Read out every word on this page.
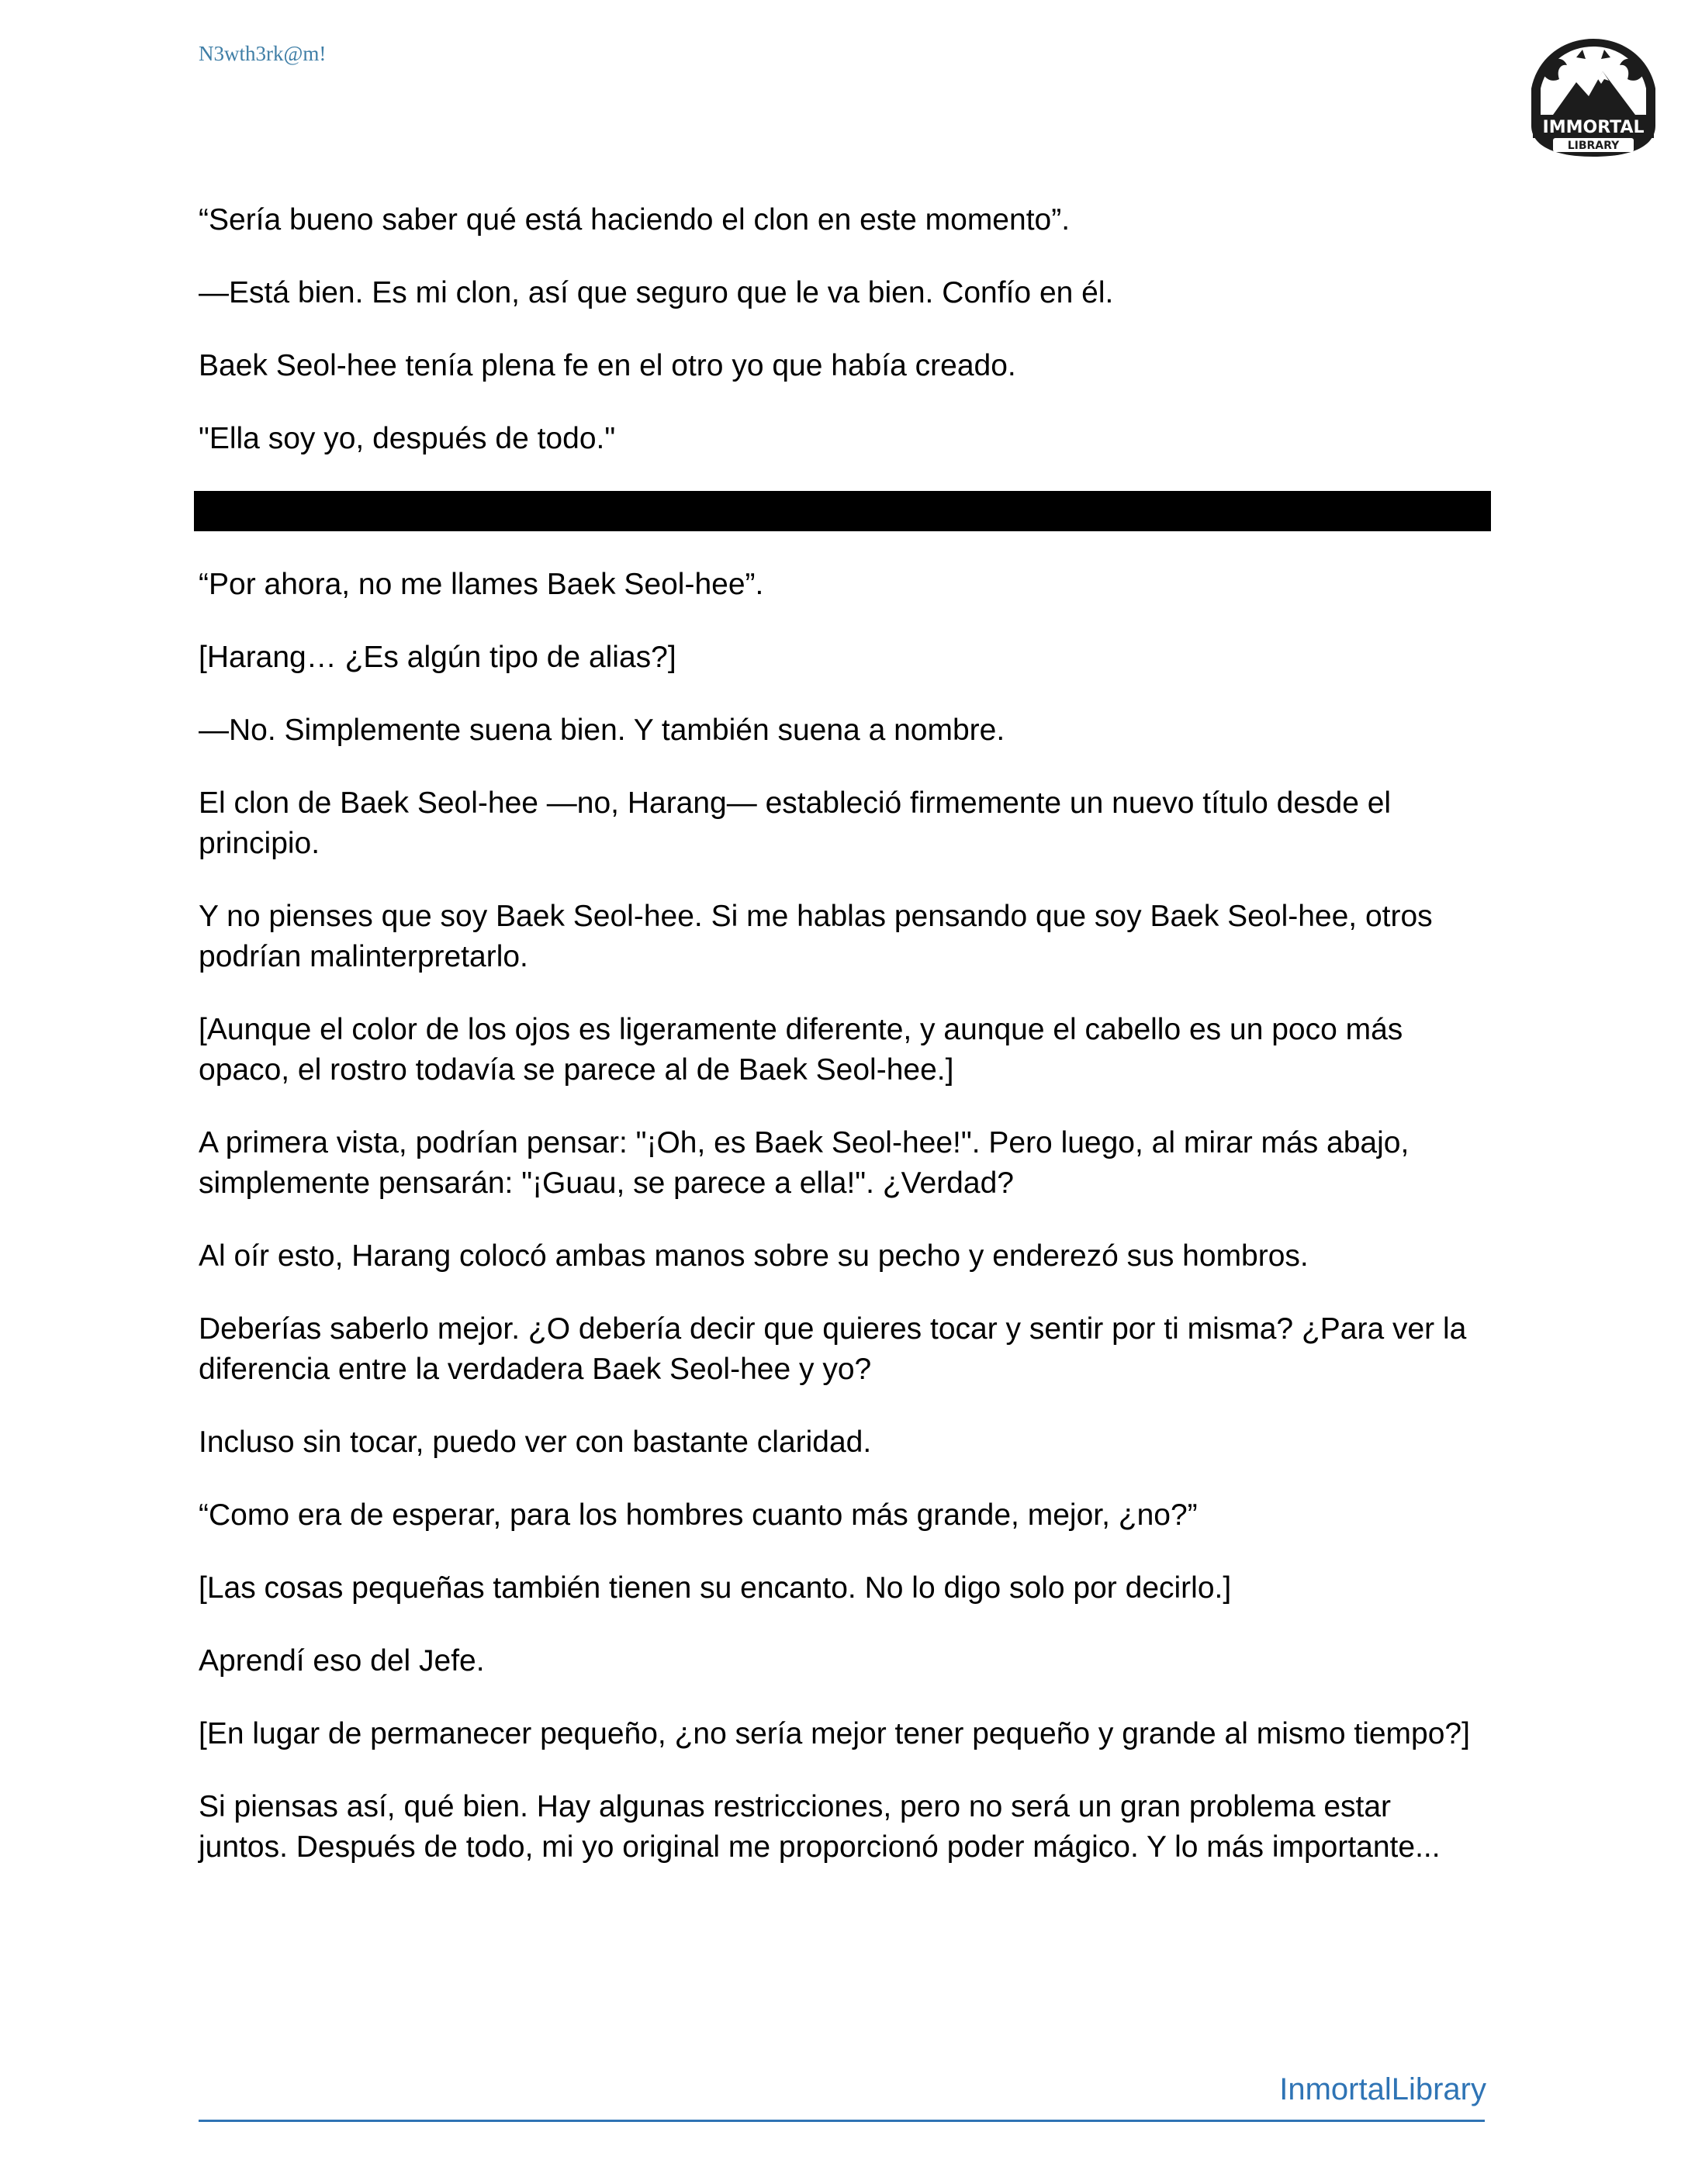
N3wth3rk@m!
IMMORTAL
LIBRARY

“Sería bueno saber qué está haciendo el clon en este momento”.

—Está bien. Es mi clon, así que seguro que le va bien. Confío en él.

Baek Seol-hee tenía plena fe en el otro yo que había creado.

"Ella soy yo, después de todo."

“Por ahora, no me llames Baek Seol-hee”.

[Harang… ¿Es algún tipo de alias?]

—No. Simplemente suena bien. Y también suena a nombre.

El clon de Baek Seol-hee —no, Harang— estableció firmemente un nuevo título desde el principio.

Y no pienses que soy Baek Seol-hee. Si me hablas pensando que soy Baek Seol-hee, otros podrían malinterpretarlo.

[Aunque el color de los ojos es ligeramente diferente, y aunque el cabello es un poco más opaco, el rostro todavía se parece al de Baek Seol-hee.]

A primera vista, podrían pensar: "¡Oh, es Baek Seol-hee!". Pero luego, al mirar más abajo, simplemente pensarán: "¡Guau, se parece a ella!". ¿Verdad?

Al oír esto, Harang colocó ambas manos sobre su pecho y enderezó sus hombros.

Deberías saberlo mejor. ¿O debería decir que quieres tocar y sentir por ti misma? ¿Para ver la diferencia entre la verdadera Baek Seol-hee y yo?

Incluso sin tocar, puedo ver con bastante claridad.

“Como era de esperar, para los hombres cuanto más grande, mejor, ¿no?”

[Las cosas pequeñas también tienen su encanto. No lo digo solo por decirlo.]

Aprendí eso del Jefe.

[En lugar de permanecer pequeño, ¿no sería mejor tener pequeño y grande al mismo tiempo?]

Si piensas así, qué bien. Hay algunas restricciones, pero no será un gran problema estar juntos. Después de todo, mi yo original me proporcionó poder mágico. Y lo más importante...

InmortalLibrary
